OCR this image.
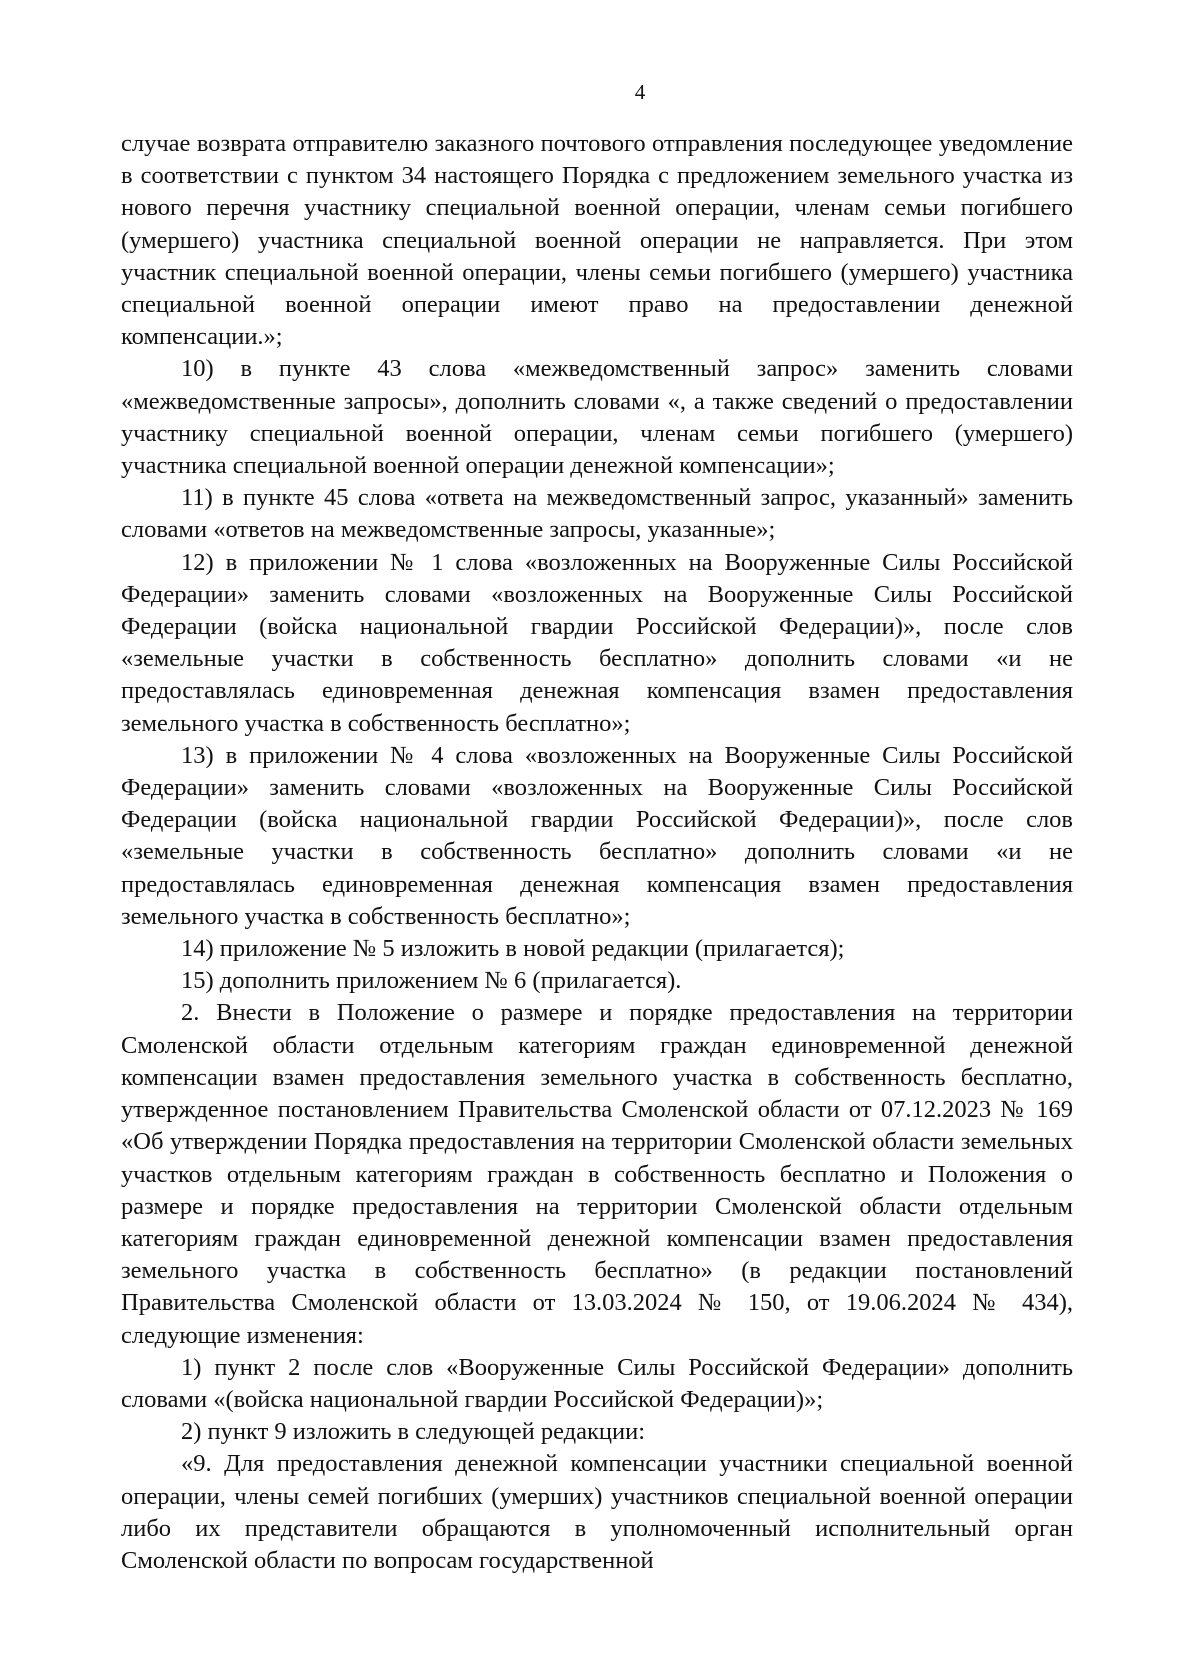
4

случае возврата отправителю заказного почтового отправления последующее уведомление в соответствии с пунктом 34 настоящего Порядка с предложением земельного участка из нового перечня участнику специальной военной операции, членам семьи погибшего (умершего) участника специальной военной операции не направляется. При этом участник специальной военной операции, члены семьи погибшего (умершего) участника специальной военной операции имеют право на предоставлении денежной компенсации.»;

10) в пункте 43 слова «межведомственный запрос» заменить словами «межведомственные запросы», дополнить словами «, а также сведений о предоставлении участнику специальной военной операции, членам семьи погибшего (умершего) участника специальной военной операции денежной компенсации»;

11) в пункте 45 слова «ответа на межведомственный запрос, указанный» заменить словами «ответов на межведомственные запросы, указанные»;

12) в приложении № 1 слова «возложенных на Вооруженные Силы Российской Федерации» заменить словами «возложенных на Вооруженные Силы Российской Федерации (войска национальной гвардии Российской Федерации)», после слов «земельные участки в собственность бесплатно» дополнить словами «и не предоставлялась единовременная денежная компенсация взамен предоставления земельного участка в собственность бесплатно»;

13) в приложении № 4 слова «возложенных на Вооруженные Силы Российской Федерации» заменить словами «возложенных на Вооруженные Силы Российской Федерации (войска национальной гвардии Российской Федерации)», после слов «земельные участки в собственность бесплатно» дополнить словами «и не предоставлялась единовременная денежная компенсация взамен предоставления земельного участка в собственность бесплатно»;

14) приложение № 5 изложить в новой редакции (прилагается);

15) дополнить приложением № 6 (прилагается).

2. Внести в Положение о размере и порядке предоставления на территории Смоленской области отдельным категориям граждан единовременной денежной компенсации взамен предоставления земельного участка в собственность бесплатно, утвержденное постановлением Правительства Смоленской области от 07.12.2023 № 169 «Об утверждении Порядка предоставления на территории Смоленской области земельных участков отдельным категориям граждан в собственность бесплатно и Положения о размере и порядке предоставления на территории Смоленской области отдельным категориям граждан единовременной денежной компенсации взамен предоставления земельного участка в собственность бесплатно» (в редакции постановлений Правительства Смоленской области от 13.03.2024 № 150, от 19.06.2024 № 434), следующие изменения:

1) пункт 2 после слов «Вооруженные Силы Российской Федерации» дополнить словами «(войска национальной гвардии Российской Федерации)»;

2) пункт 9 изложить в следующей редакции:

«9. Для предоставления денежной компенсации участники специальной военной операции, члены семей погибших (умерших) участников специальной военной операции либо их представители обращаются в уполномоченный исполнительный орган Смоленской области по вопросам государственной
